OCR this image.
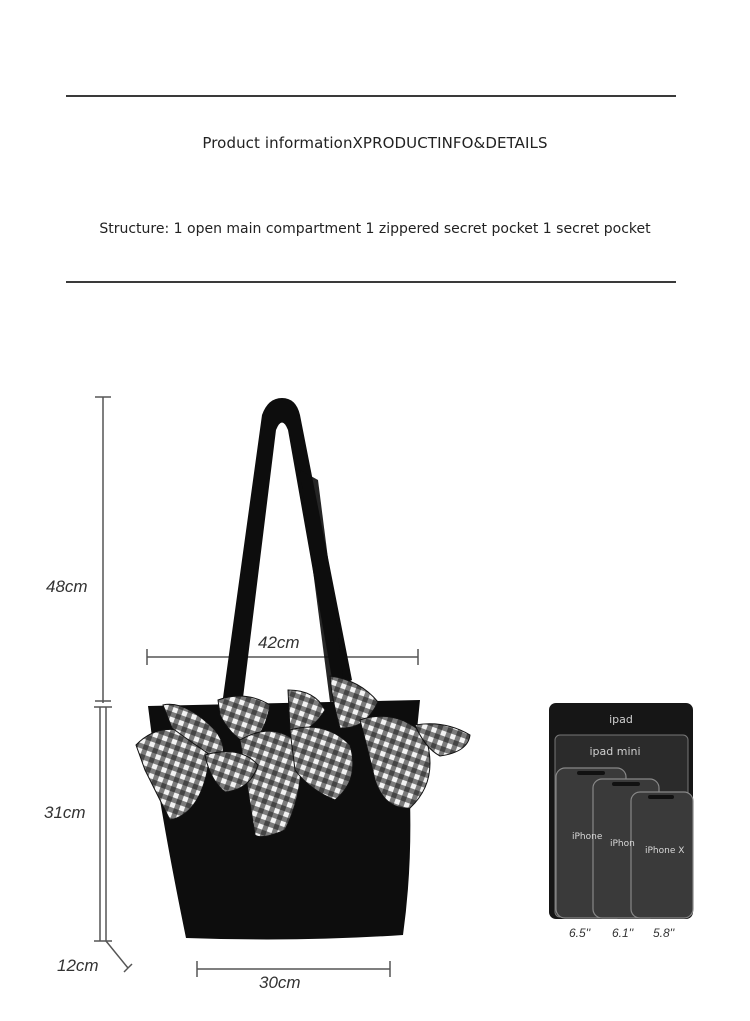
Product informationXPRODUCTINFO&DETAILS
Structure: 1 open main compartment 1 zippered secret pocket 1 secret pocket
48cm
42cm
31cm
12cm
30cm
ipad
ipad mini
iPhone
iPhon
iPhone X
6.5'' 6.1'' 5.8''
